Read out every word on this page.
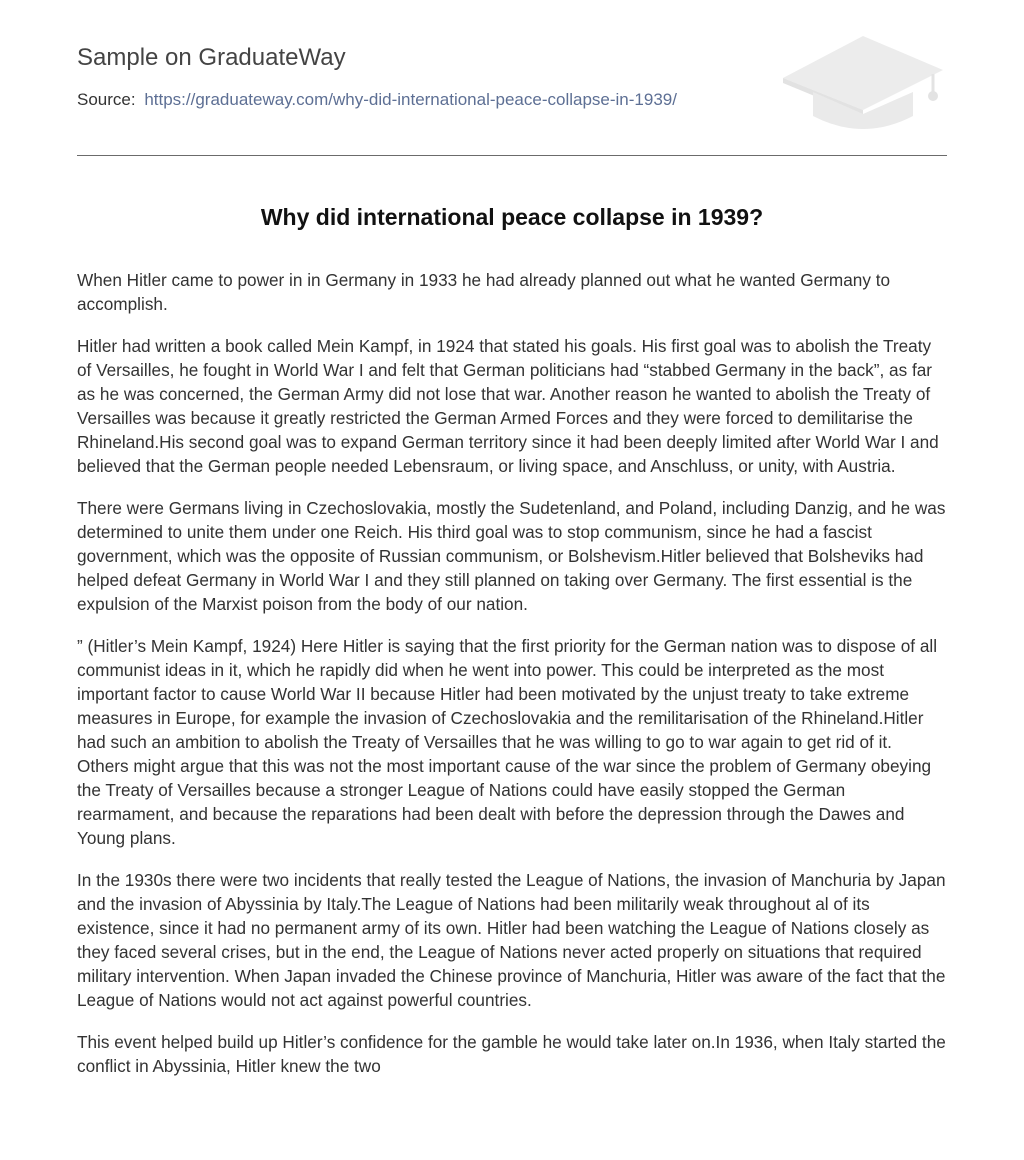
Sample on GraduateWay
Source: https://graduateway.com/why-did-international-peace-collapse-in-1939/
Why did international peace collapse in 1939?

When Hitler came to power in in Germany in 1933 he had already planned out what he wanted Germany to accomplish.

Hitler had written a book called Mein Kampf, in 1924 that stated his goals. His first goal was to abolish the Treaty of Versailles, he fought in World War I and felt that German politicians had “stabbed Germany in the back”, as far as he was concerned, the German Army did not lose that war. Another reason he wanted to abolish the Treaty of Versailles was because it greatly restricted the German Armed Forces and they were forced to demilitarise the Rhineland.His second goal was to expand German territory since it had been deeply limited after World War I and believed that the German people needed Lebensraum, or living space, and Anschluss, or unity, with Austria.

There were Germans living in Czechoslovakia, mostly the Sudetenland, and Poland, including Danzig, and he was determined to unite them under one Reich. His third goal was to stop communism, since he had a fascist government, which was the opposite of Russian communism, or Bolshevism.Hitler believed that Bolsheviks had helped defeat Germany in World War I and they still planned on taking over Germany. The first essential is the expulsion of the Marxist poison from the body of our nation.

” (Hitler’s Mein Kampf, 1924) Here Hitler is saying that the first priority for the German nation was to dispose of all communist ideas in it, which he rapidly did when he went into power. This could be interpreted as the most important factor to cause World War II because Hitler had been motivated by the unjust treaty to take extreme measures in Europe, for example the invasion of Czechoslovakia and the remilitarisation of the Rhineland.Hitler had such an ambition to abolish the Treaty of Versailles that he was willing to go to war again to get rid of it. Others might argue that this was not the most important cause of the war since the problem of Germany obeying the Treaty of Versailles because a stronger League of Nations could have easily stopped the German rearmament, and because the reparations had been dealt with before the depression through the Dawes and Young plans.

In the 1930s there were two incidents that really tested the League of Nations, the invasion of Manchuria by Japan and the invasion of Abyssinia by Italy.The League of Nations had been militarily weak throughout al of its existence, since it had no permanent army of its own. Hitler had been watching the League of Nations closely as they faced several crises, but in the end, the League of Nations never acted properly on situations that required military intervention. When Japan invaded the Chinese province of Manchuria, Hitler was aware of the fact that the League of Nations would not act against powerful countries.

This event helped build up Hitler’s confidence for the gamble he would take later on.In 1936, when Italy started the conflict in Abyssinia, Hitler knew the two
